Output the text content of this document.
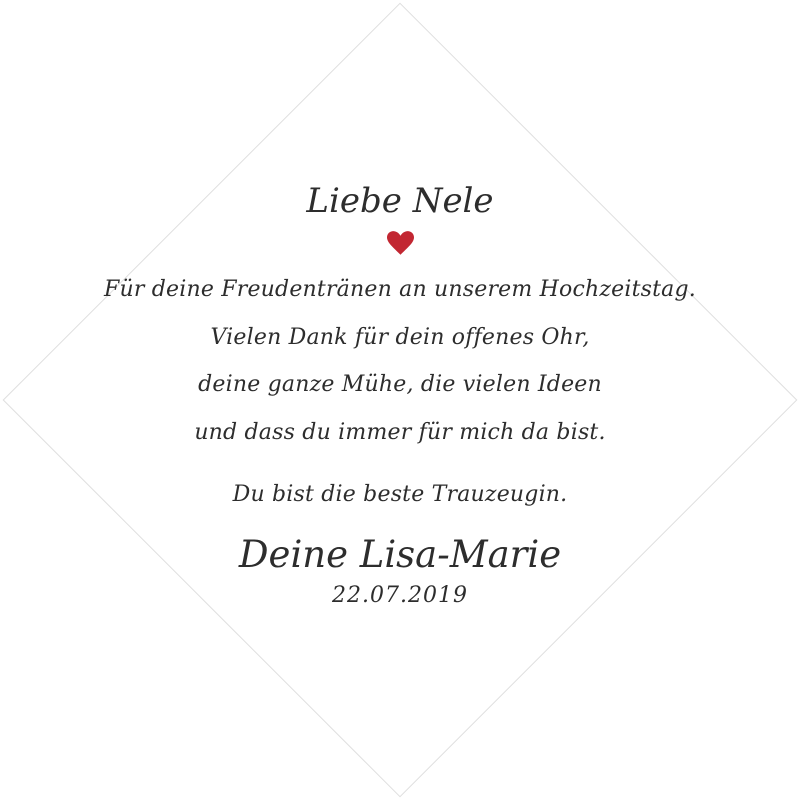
Liebe Nele
Für deine Freudentränen an unserem Hochzeitstag.
Vielen Dank für dein offenes Ohr,
deine ganze Mühe, die vielen Ideen
und dass du immer für mich da bist.
Du bist die beste Trauzeugin.
Deine Lisa-Marie
22.07.2019
